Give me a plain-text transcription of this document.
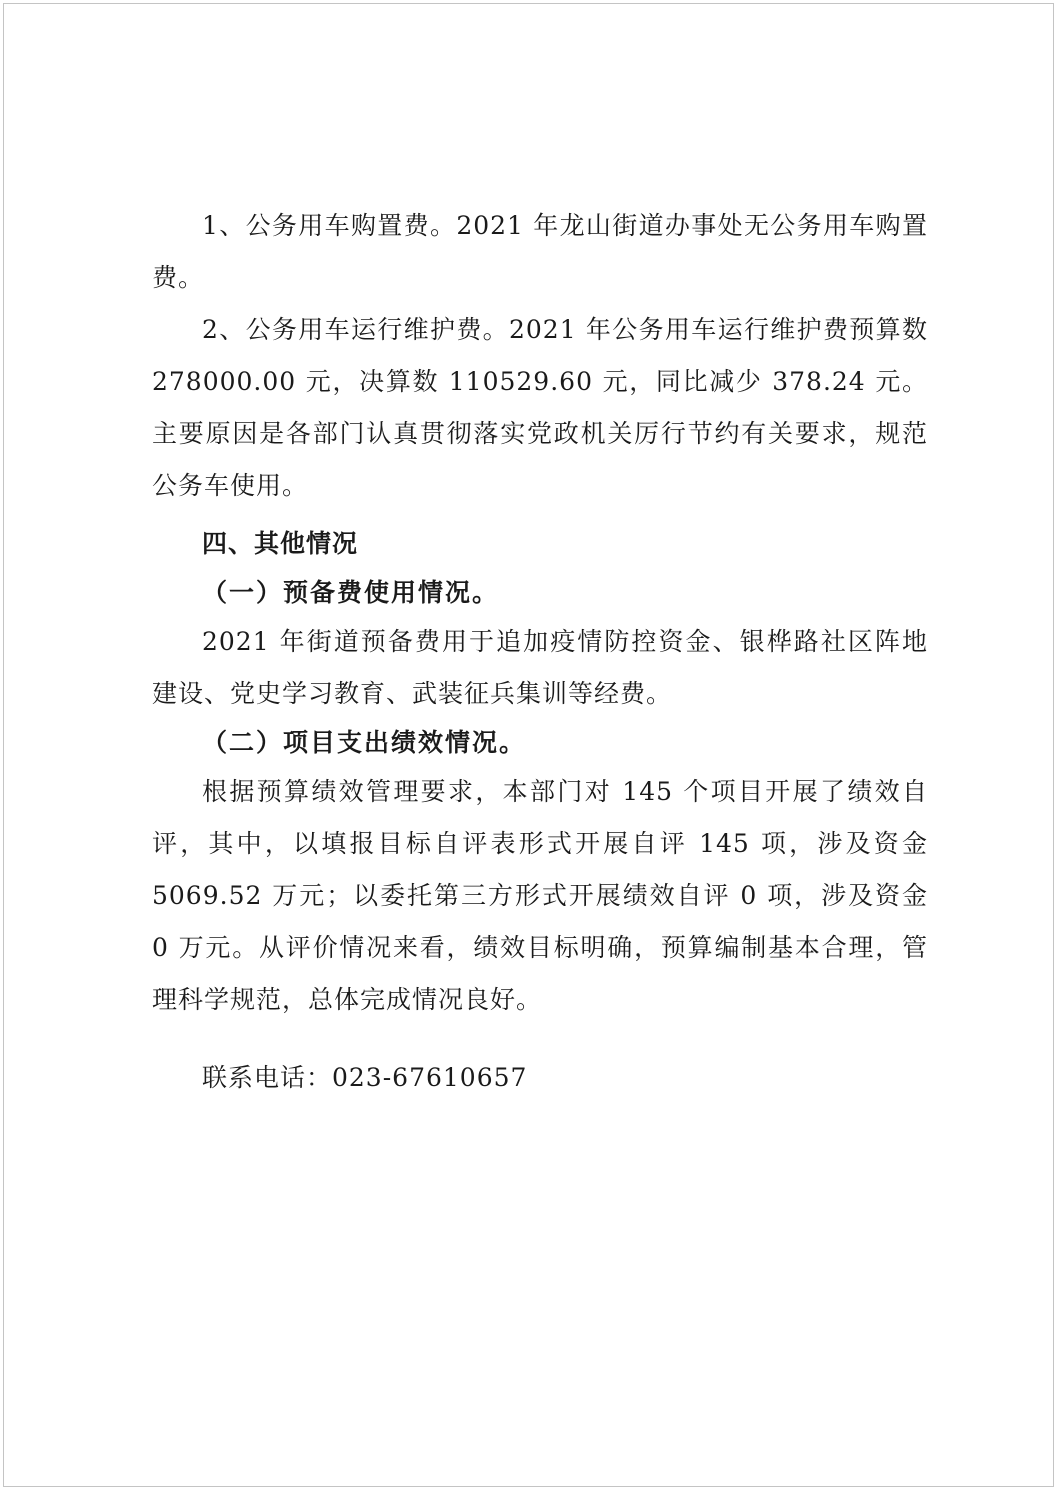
1、公务用车购置费。2021 年龙山街道办事处无公务用车购置费。

2、公务用车运行维护费。2021 年公务用车运行维护费预算数 278000.00 元，决算数 110529.60 元，同比减少 378.24 元。主要原因是各部门认真贯彻落实党政机关厉行节约有关要求，规范公务车使用。

四、其他情况

（一）预备费使用情况。

2021 年街道预备费用于追加疫情防控资金、银桦路社区阵地建设、党史学习教育、武装征兵集训等经费。

（二）项目支出绩效情况。

根据预算绩效管理要求，本部门对 145 个项目开展了绩效自评，其中，以填报目标自评表形式开展自评 145 项，涉及资金 5069.52 万元；以委托第三方形式开展绩效自评 0 项，涉及资金 0 万元。从评价情况来看，绩效目标明确，预算编制基本合理，管理科学规范，总体完成情况良好。

联系电话：023-67610657
